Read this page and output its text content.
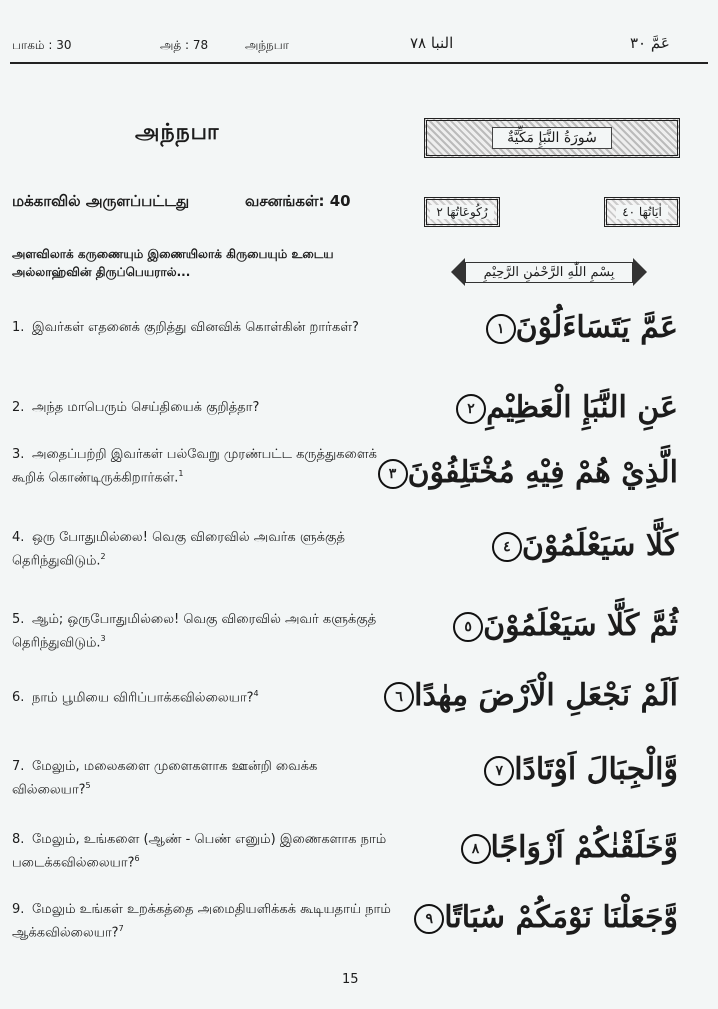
பாகம் : 30	அத் : 78	அந்நபா	النبا ٧٨	عَمَّ ٣٠
அந்நபா
மக்காவில் அருளப்பட்டது	வசனங்கள்: 40
அளவிலாக் கருணையும் இணையிலாக் கிருபையும் உடைய அல்லாஹ்வின் திருப்பெயரால்...
سُورَةُ النَّبَإِ مَكِّيَّةٌ
رُكُوعَاتُهَا ٢	اٰيَاتُهَا ٤٠
بِسْمِ اللّٰهِ الرَّحْمٰنِ الرَّحِيْمِ
1. இவர்கள் எதனைக் குறித்து வினவிக் கொள்கின் றார்கள்?	عَمَّ يَتَسَاءَلُوْنَ١
2. அந்த மாபெரும் செய்தியைக் குறித்தா?	عَنِ النَّبَإِ الْعَظِيْمِ٢
3. அதைப்பற்றி இவர்கள் பல்வேறு முரண்பட்ட கருத்துகளைக் கூறிக் கொண்டிருக்கிறார்கள்.$^1$	الَّذِيْ هُمْ فِيْهِ مُخْتَلِفُوْنَ٣
4. ஒரு போதுமில்லை! வெகு விரைவில் அவர்க ளுக்குத் தெரிந்துவிடும்.$^2$	كَلَّا سَيَعْلَمُوْنَ٤
5. ஆம்; ஒருபோதுமில்லை! வெகு விரைவில் அவர் களுக்குத் தெரிந்துவிடும்.$^3$	ثُمَّ كَلَّا سَيَعْلَمُوْنَ٥
6. நாம் பூமியை விரிப்பாக்கவில்லையா?$^4$	اَلَمْ نَجْعَلِ الْاَرْضَ مِهٰدًا٦
7. மேலும், மலைகளை முளைகளாக ஊன்றி வைக்க வில்லையா?$^5$	وَّالْجِبَالَ اَوْتَادًا٧
8. மேலும், உங்களை (ஆண் - பெண் எனும்) இணைகளாக நாம் படைக்கவில்லையா?$^6$	وَّخَلَقْنٰكُمْ اَزْوَاجًا٨
9. மேலும் உங்கள் உறக்கத்தை அமைதியளிக்கக் கூடியதாய் நாம் ஆக்கவில்லையா?$^7$	وَّجَعَلْنَا نَوْمَكُمْ سُبَاتًا٩
15
